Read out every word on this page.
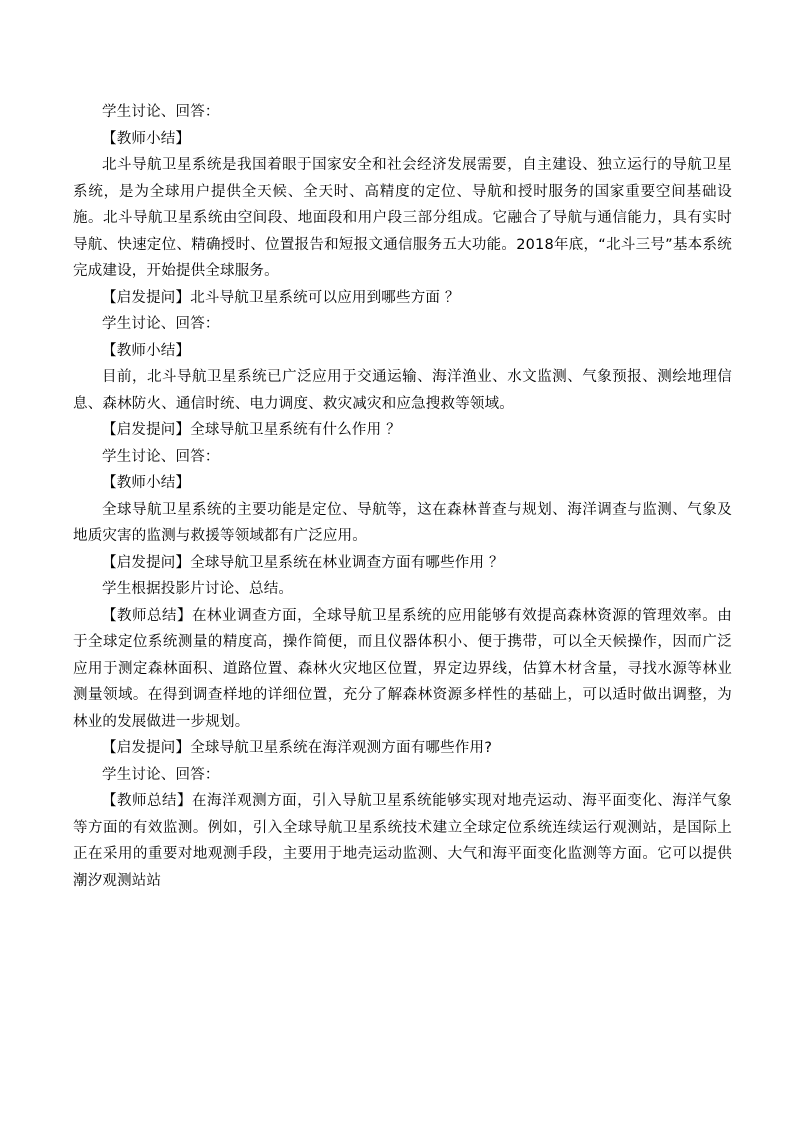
学生讨论、回答：

【教师小结】

北斗导航卫星系统是我国着眼于国家安全和社会经济发展需要，自主建设、独立运行的导航卫星系统，是为全球用户提供全天候、全天时、高精度的定位、导航和授时服务的国家重要空间基础设施。北斗导航卫星系统由空间段、地面段和用户段三部分组成。它融合了导航与通信能力，具有实时导航、快速定位、精确授时、位置报告和短报文通信服务五大功能。2018年底，“北斗三号”基本系统完成建设，开始提供全球服务。

【启发提问】北斗导航卫星系统可以应用到哪些方面 ？

学生讨论、回答：

【教师小结】

目前，北斗导航卫星系统已广泛应用于交通运输、海洋渔业、水文监测、气象预报、测绘地理信息、森林防火、通信时统、电力调度、救灾减灾和应急搜救等领域。

【启发提问】全球导航卫星系统有什么作用 ？

学生讨论、回答：

【教师小结】

全球导航卫星系统的主要功能是定位、导航等，这在森林普查与规划、海洋调查与监测、气象及地质灾害的监测与救援等领域都有广泛应用。

【启发提问】全球导航卫星系统在林业调查方面有哪些作用 ？

学生根据投影片讨论、总结。

【教师总结】在林业调查方面，全球导航卫星系统的应用能够有效提高森林资源的管理效率。由于全球定位系统测量的精度高，操作简便，而且仪器体积小、便于携带，可以全天候操作，因而广泛应用于测定森林面积、道路位置、森林火灾地区位置，界定边界线，估算木材含量，寻找水源等林业测量领域。在得到调查样地的详细位置，充分了解森林资源多样性的基础上，可以适时做出调整，为林业的发展做进一步规划。

【启发提问】全球导航卫星系统在海洋观测方面有哪些作用?

学生讨论、回答：

【教师总结】在海洋观测方面，引入导航卫星系统能够实现对地壳运动、海平面变化、海洋气象等方面的有效监测。例如，引入全球导航卫星系统技术建立全球定位系统连续运行观测站，是国际上正在采用的重要对地观测手段，主要用于地壳运动监测、大气和海平面变化监测等方面。它可以提供潮汐观测站站
